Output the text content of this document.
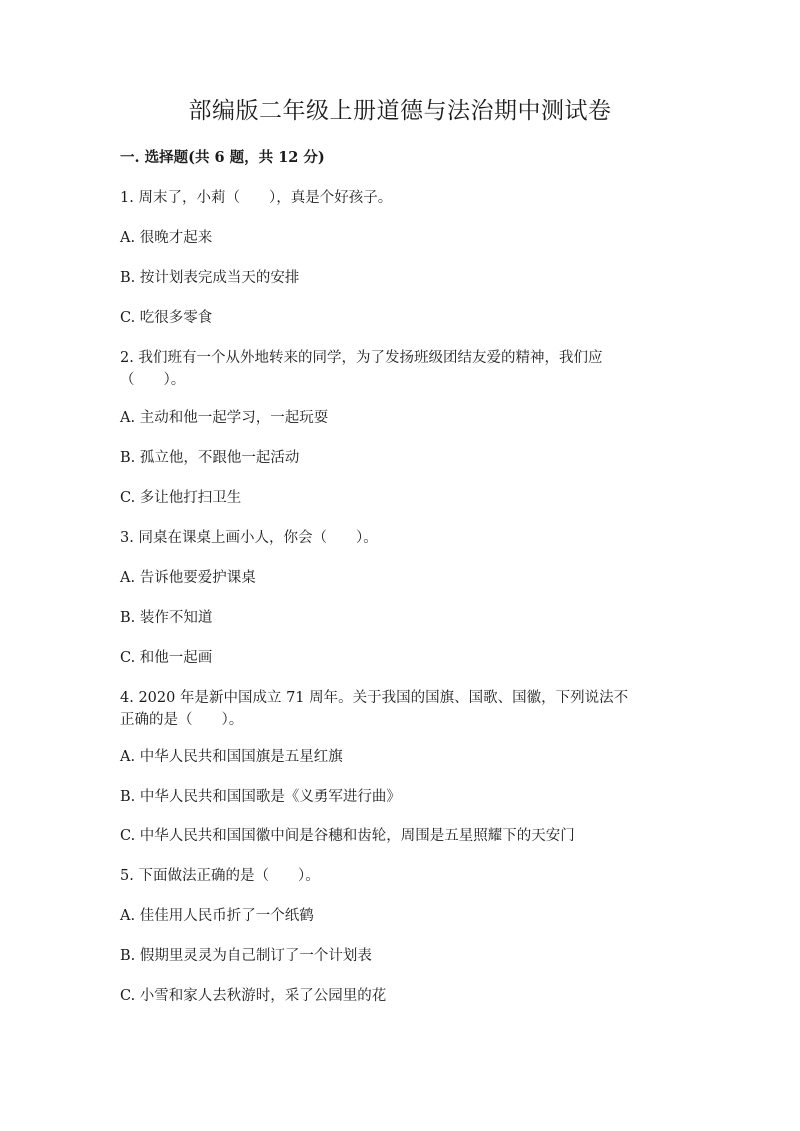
部编版二年级上册道德与法治期中测试卷
一. 选择题(共 6 题，共 12 分)

1. 周末了，小莉（　　），真是个好孩子。

A. 很晚才起来

B. 按计划表完成当天的安排

C. 吃很多零食

2. 我们班有一个从外地转来的同学，为了发扬班级团结友爱的精神，我们应

（　　）。

A. 主动和他一起学习，一起玩耍

B. 孤立他，不跟他一起活动

C. 多让他打扫卫生

3. 同桌在课桌上画小人，你会（　　）。

A. 告诉他要爱护课桌

B. 装作不知道

C. 和他一起画

4. 2020 年是新中国成立 71 周年。关于我国的国旗、国歌、国徽，下列说法不

正确的是（　　）。

A. 中华人民共和国国旗是五星红旗

B. 中华人民共和国国歌是《义勇军进行曲》

C. 中华人民共和国国徽中间是谷穗和齿轮，周围是五星照耀下的天安门

5. 下面做法正确的是（　　）。

A. 佳佳用人民币折了一个纸鹤

B. 假期里灵灵为自己制订了一个计划表

C. 小雪和家人去秋游时，采了公园里的花
